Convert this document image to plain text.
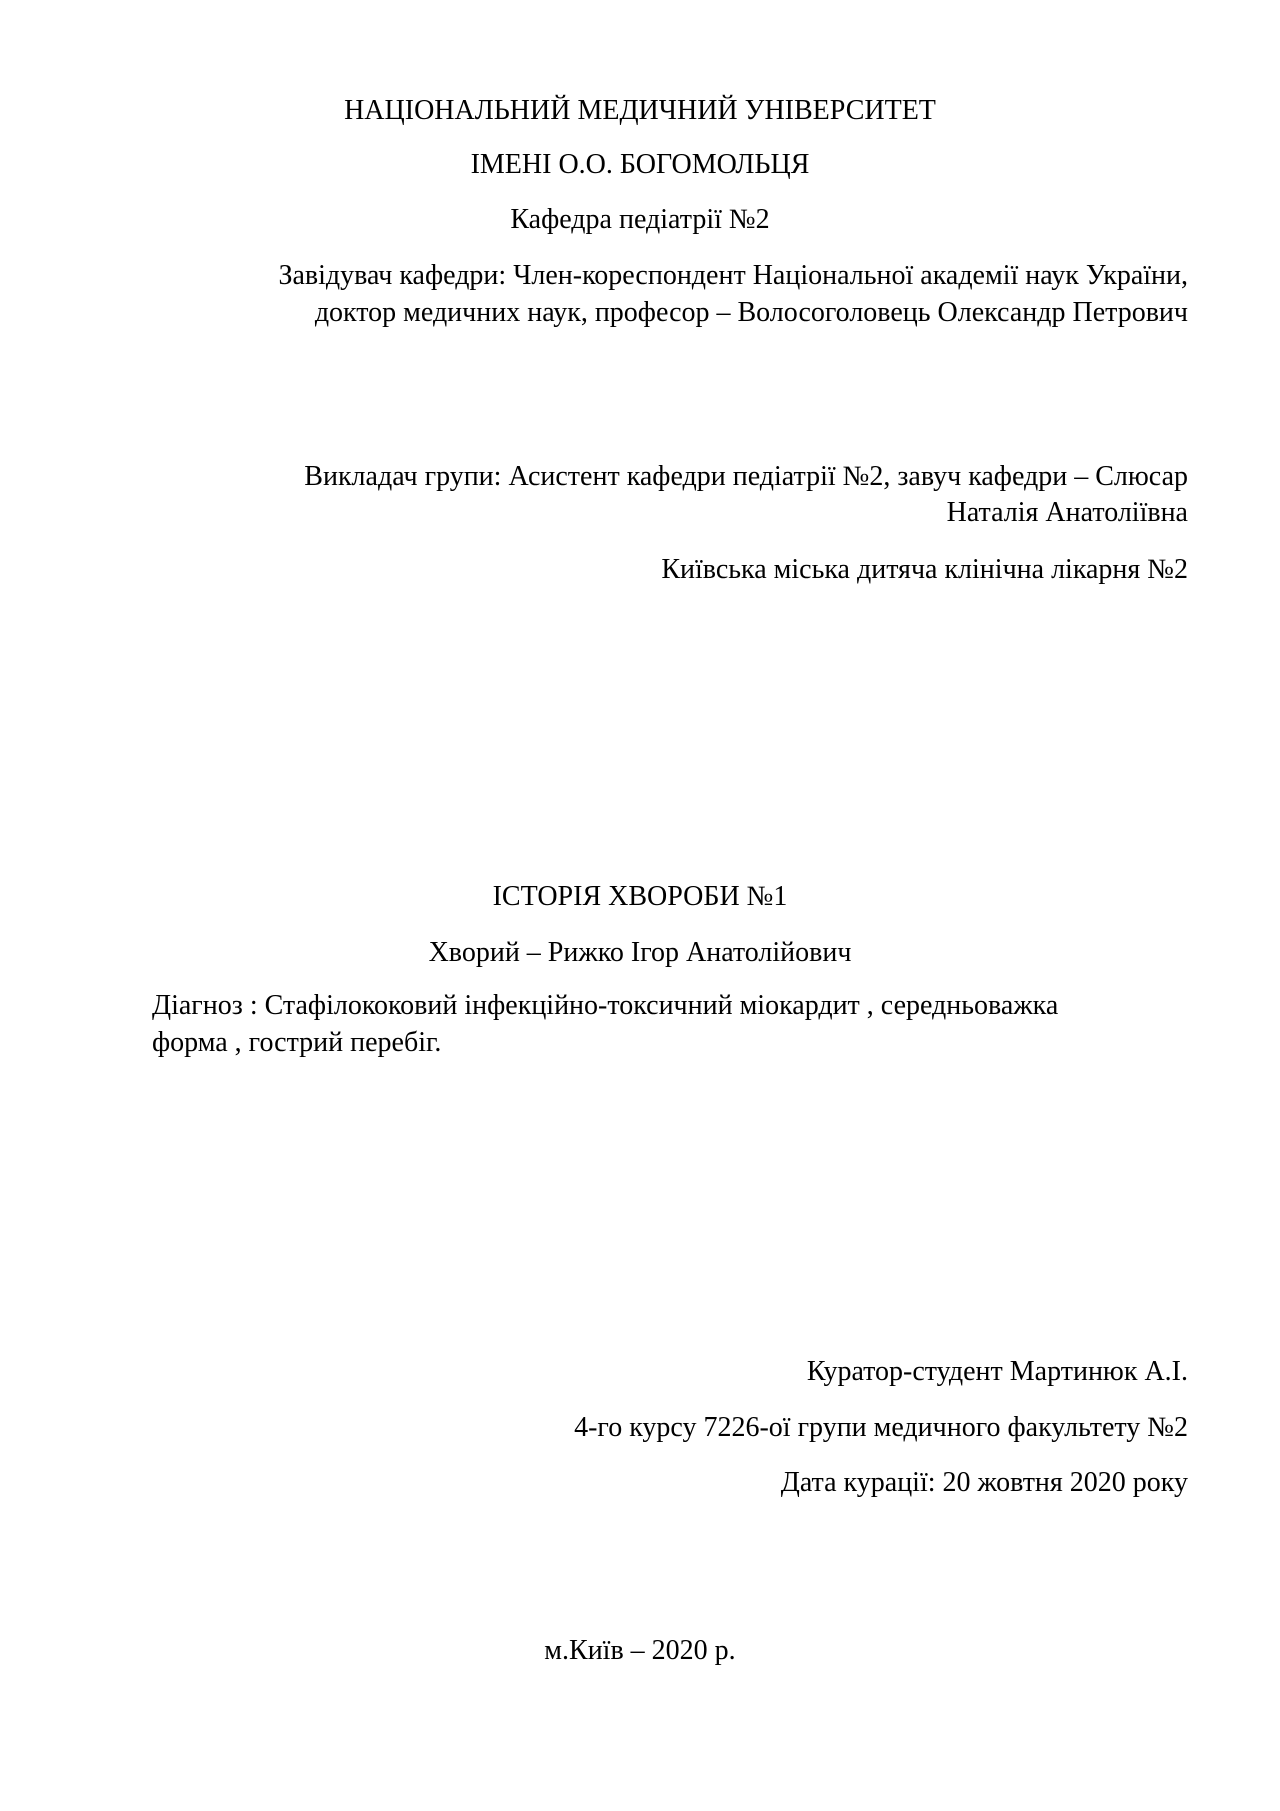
НАЦІОНАЛЬНИЙ МЕДИЧНИЙ УНІВЕРСИТЕТ
ІМЕНІ О.О. БОГОМОЛЬЦЯ
Кафедра педіатрії №2
Завідувач кафедри: Член-кореспондент Національної академії наук України,
доктор медичних наук, професор – Волосоголовець Олександр Петрович
Викладач групи: Асистент кафедри педіатрії №2, завуч кафедри – Слюсар
Наталія Анатоліївна
Київська міська дитяча клінічна лікарня №2
ІСТОРІЯ ХВОРОБИ №1
Хворий – Рижко Ігор Анатолійович
Діагноз : Стафілококовий інфекційно-токсичний міокардит , середньоважка
форма , гострий перебіг.
Куратор-студент Мартинюк А.І.
4-го курсу 7226-ої групи медичного факультету №2
Дата курації: 20 жовтня 2020 року
м.Київ – 2020 р.
